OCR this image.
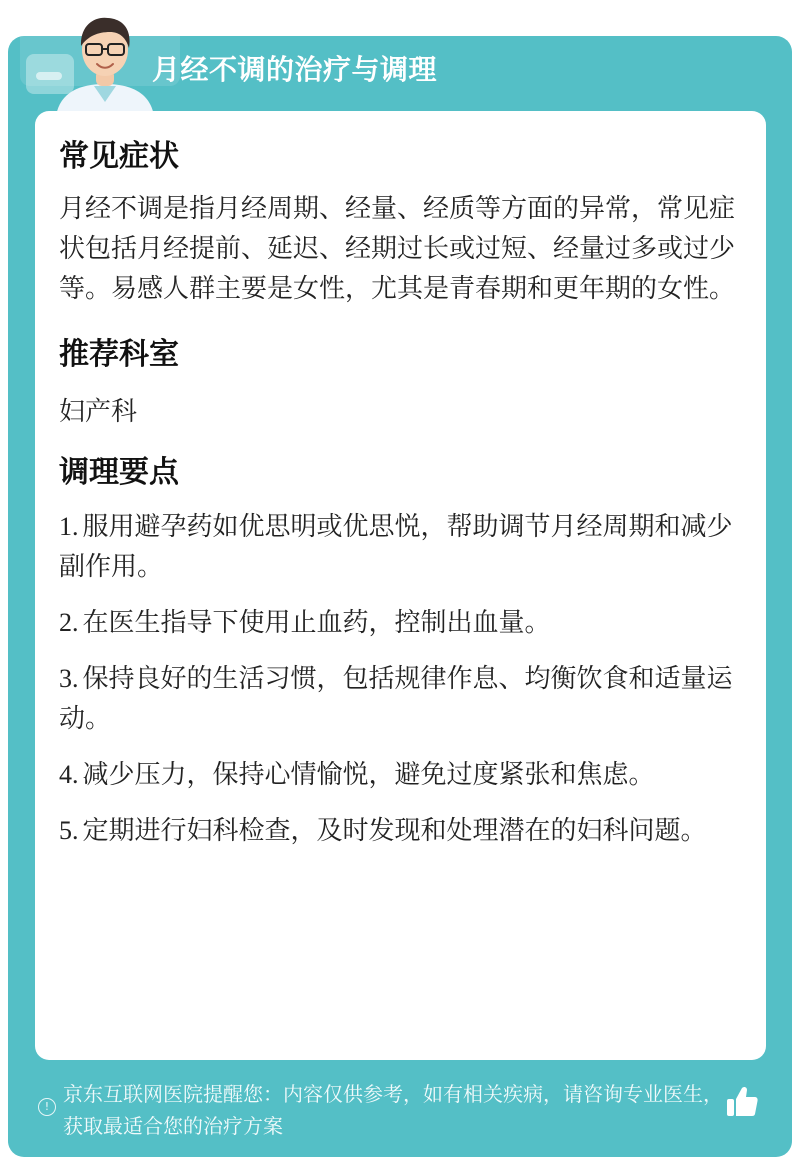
月经不调的治疗与调理
常见症状

月经不调是指月经周期、经量、经质等方面的异常，常见症状包括月经提前、延迟、经期过长或过短、经量过多或过少等。易感人群主要是女性，尤其是青春期和更年期的女性。

推荐科室

妇产科

调理要点
1. 服用避孕药如优思明或优思悦，帮助调节月经周期和减少副作用。
2. 在医生指导下使用止血药，控制出血量。
3. 保持良好的生活习惯，包括规律作息、均衡饮食和适量运动。
4. 减少压力，保持心情愉悦，避免过度紧张和焦虑。
5. 定期进行妇科检查，及时发现和处理潜在的妇科问题。
!
京东互联网医院提醒您：内容仅供参考，如有相关疾病，请咨询专业医生，获取最适合您的治疗方案
